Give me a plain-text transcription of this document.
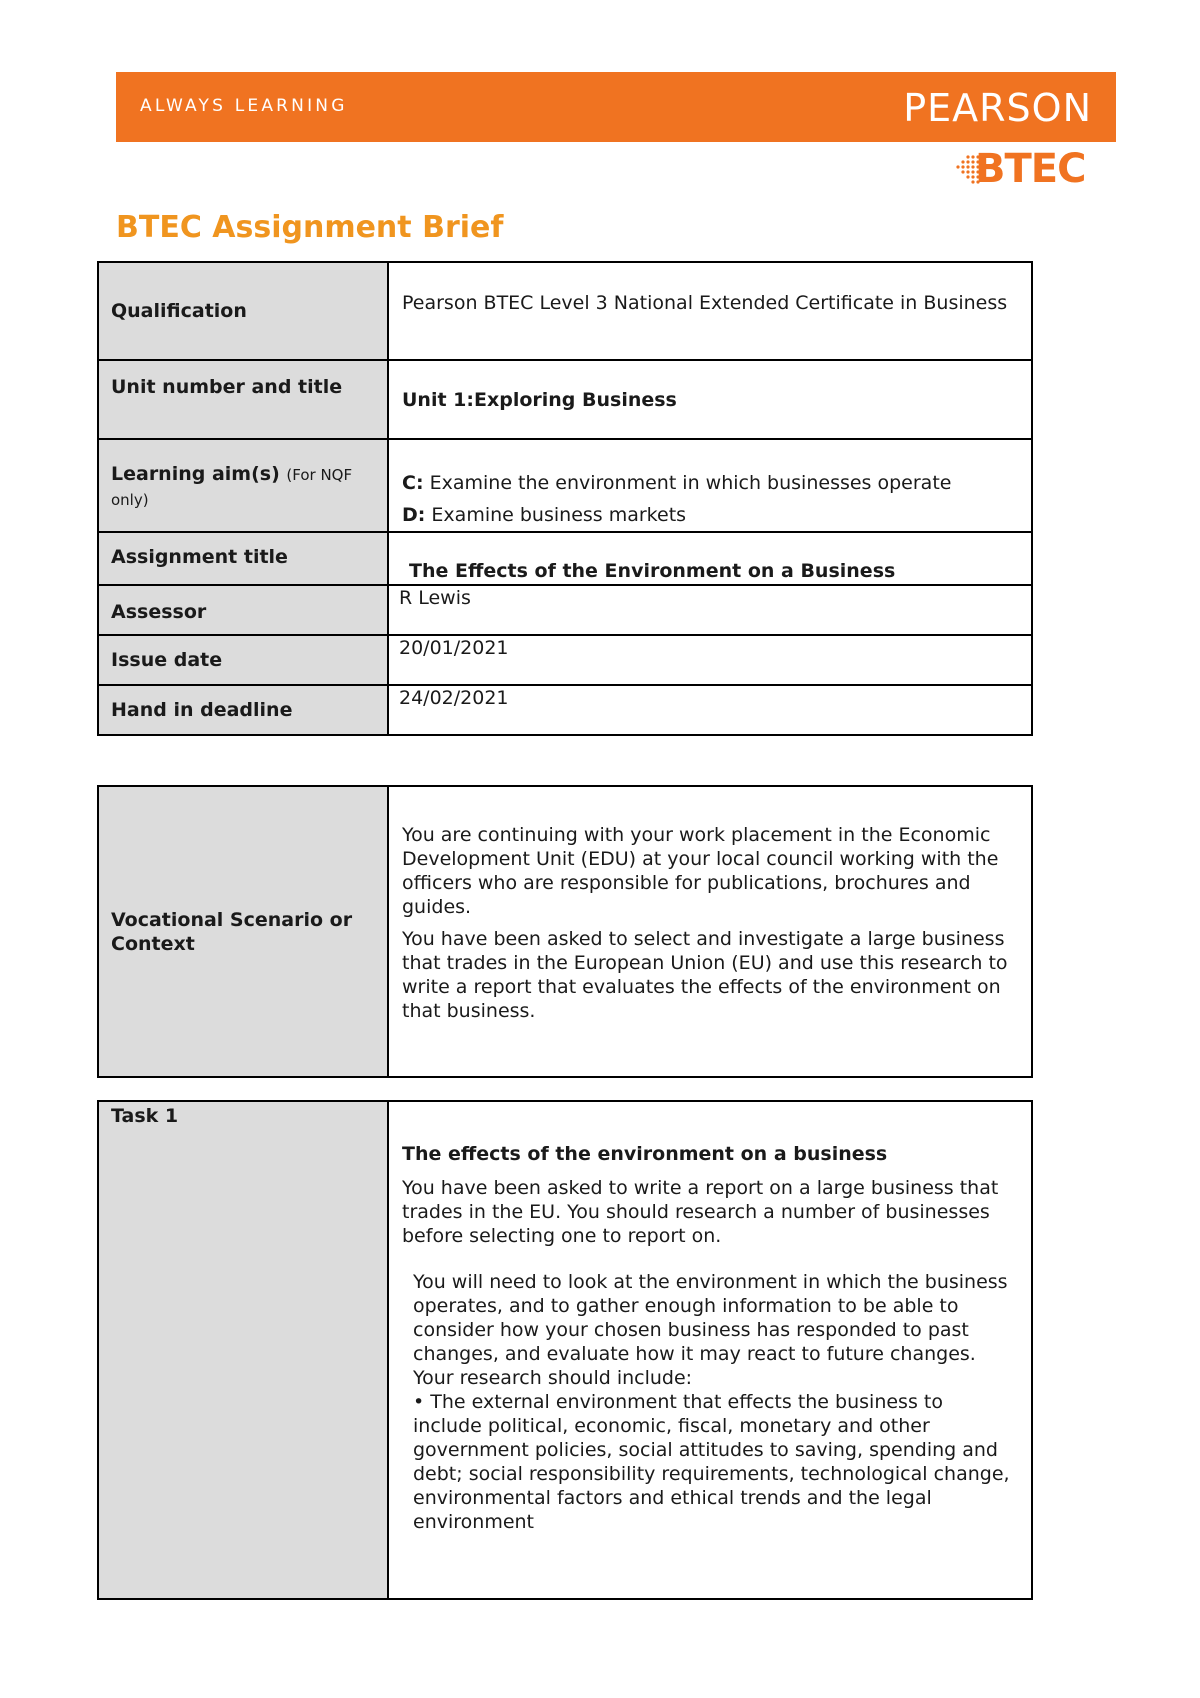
ALWAYS LEARNING	PEARSON
BTEC
BTEC Assignment Brief
Qualification	Pearson BTEC Level 3 National Extended Certificate in Business
Unit number and title	Unit 1:Exploring Business
Learning aim(s) (For NQF only)	C: Examine the environment in which businesses operate

D: Examine business markets

Assignment title	The Effects of the Environment on a Business
Assessor	R Lewis
Issue date	20/01/2021
Hand in deadline	24/02/2021
Vocational Scenario or Context	

You are continuing with your work placement in the Economic Development Unit (EDU) at your local council working with the officers who are responsible for publications, brochures and guides.

You have been asked to select and investigate a large business that trades in the European Union (EU) and use this research to write a report that evaluates the effects of the environment on that business.

Task 1	

The effects of the environment on a business

You have been asked to write a report on a large business that trades in the EU. You should research a number of businesses before selecting one to report on.

You will need to look at the environment in which the business operates, and to gather enough information to be able to consider how your chosen business has responded to past changes, and evaluate how it may react to future changes.

Your research should include:

• The external environment that effects the business to include political, economic, fiscal, monetary and other government policies, social attitudes to saving, spending and debt; social responsibility requirements, technological change, environmental factors and ethical trends and the legal environment
